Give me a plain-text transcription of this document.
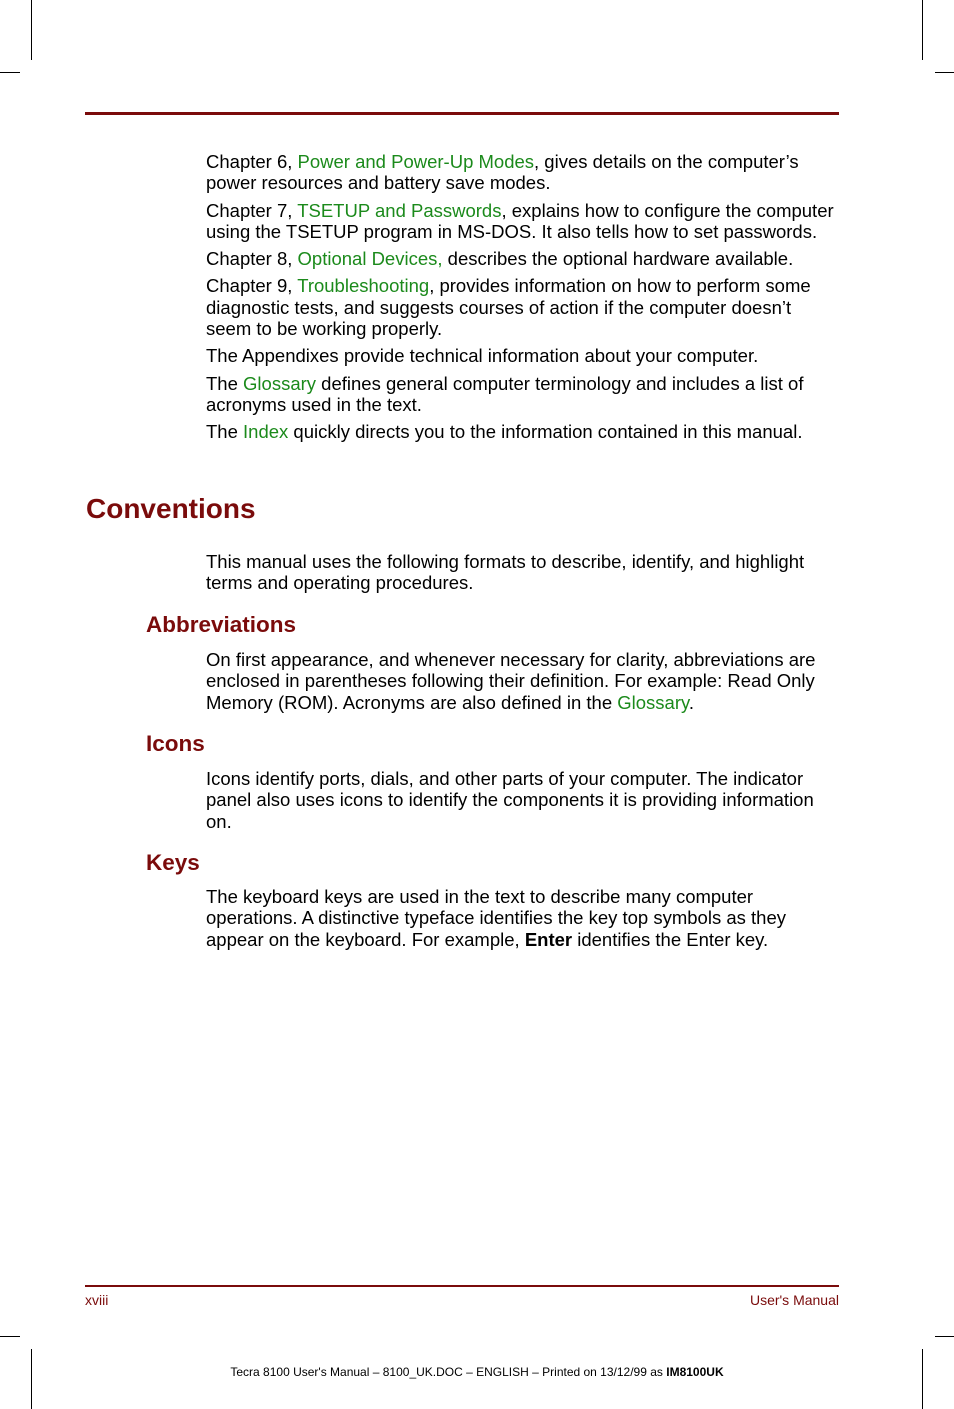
Chapter 6, Power and Power-Up Modes, gives details on the computer’s power resources and battery save modes.

Chapter 7, TSETUP and Passwords, explains how to configure the computer using the TSETUP program in MS-DOS. It also tells how to set passwords.

Chapter 8, Optional Devices, describes the optional hardware available.

Chapter 9, Troubleshooting, provides information on how to perform some diagnostic tests, and suggests courses of action if the computer doesn’t seem to be working properly.

The Appendixes provide technical information about your computer.

The Glossary defines general computer terminology and includes a list of acronyms used in the text.

The Index quickly directs you to the information contained in this manual.

Conventions

This manual uses the following formats to describe, identify, and highlight terms and operating procedures.

Abbreviations

On first appearance, and whenever necessary for clarity, abbreviations are enclosed in parentheses following their definition. For example: Read Only Memory (ROM). Acronyms are also defined in the Glossary.

Icons

Icons identify ports, dials, and other parts of your computer. The indicator panel also uses icons to identify the components it is providing information on.

Keys

The keyboard keys are used in the text to describe many computer operations. A distinctive typeface identifies the key top symbols as they appear on the keyboard. For example, Enter identifies the Enter key.

xviii	User's Manual
Tecra 8100 User's Manual – 8100_UK.DOC – ENGLISH – Printed on 13/12/99 as IM8100UK
